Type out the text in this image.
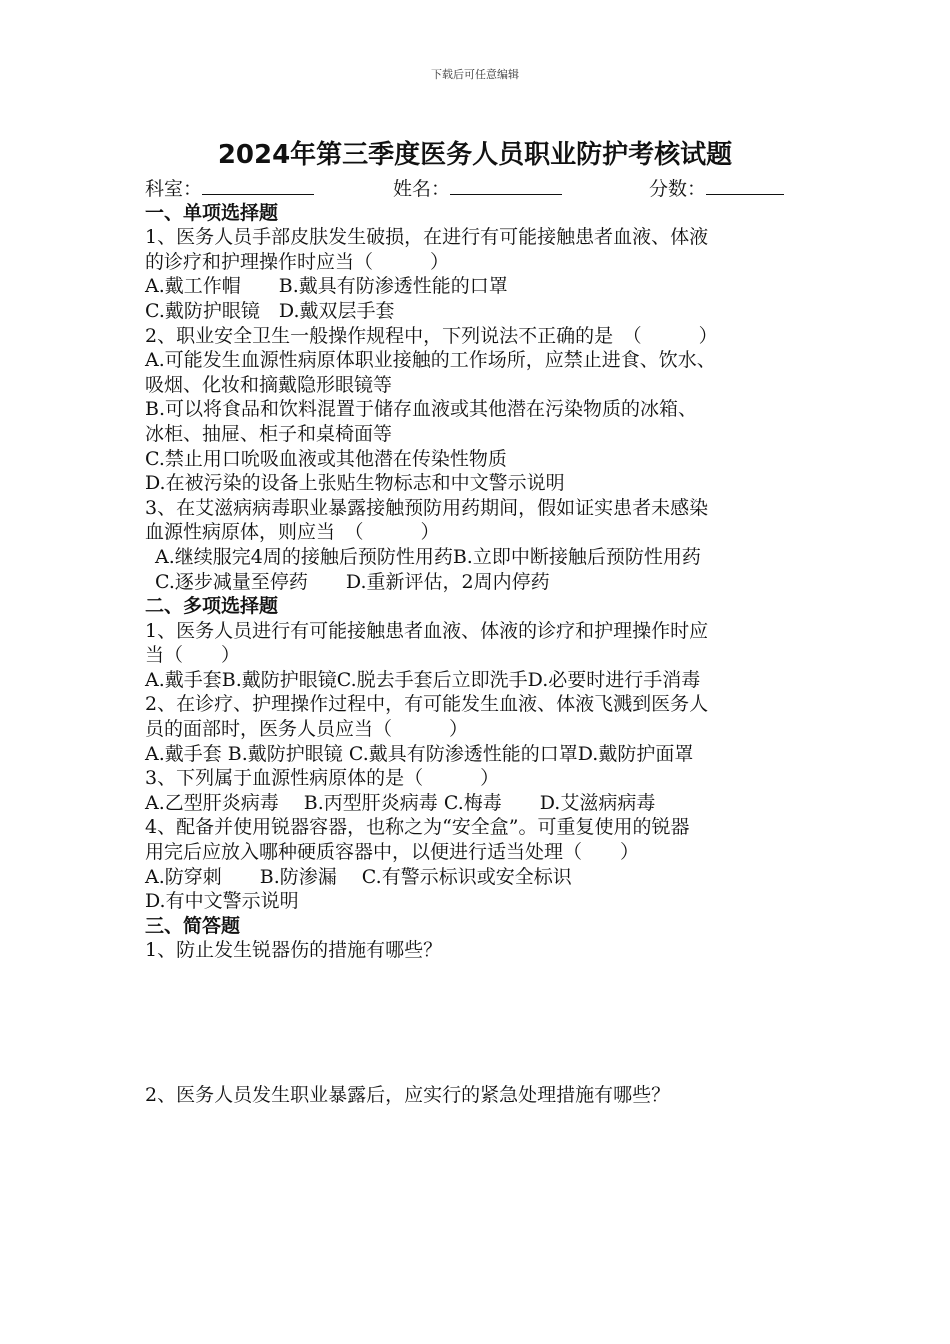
下载后可任意编辑
2024年第三季度医务人员职业防护考核试题
科室：	姓名：	分数：
一、单项选择题
1、医务人员手部皮肤发生破损，在进行有可能接触患者血液、体液
的诊疗和护理操作时应当（　　　）
A.戴工作帽　　B.戴具有防渗透性能的口罩
C.戴防护眼镜　D.戴双层手套
2、职业安全卫生一般操作规程中，下列说法不正确的是　（　　　）
A.可能发生血源性病原体职业接触的工作场所，应禁止进食、饮水、
吸烟、化妆和摘戴隐形眼镜等
B.可以将食品和饮料混置于储存血液或其他潜在污染物质的冰箱、
冰柜、抽屉、柜子和桌椅面等
C.禁止用口吮吸血液或其他潜在传染性物质
D.在被污染的设备上张贴生物标志和中文警示说明
3、在艾滋病病毒职业暴露接触预防用药期间，假如证实患者未感染
血源性病原体，则应当　（　　　）
A.继续服完4周的接触后预防性用药B.立即中断接触后预防性用药
C.逐步减量至停药　　D.重新评估，2周内停药
二、多项选择题
1、医务人员进行有可能接触患者血液、体液的诊疗和护理操作时应
当（　　）
A.戴手套B.戴防护眼镜C.脱去手套后立即洗手D.必要时进行手消毒
2、在诊疗、护理操作过程中，有可能发生血液、体液飞溅到医务人
员的面部时，医务人员应当（　　　）
A.戴手套 B.戴防护眼镜 C.戴具有防渗透性能的口罩D.戴防护面罩
3、下列属于血源性病原体的是（　　　）
A.乙型肝炎病毒　 B.丙型肝炎病毒 C.梅毒　　D.艾滋病病毒
4、配备并使用锐器容器，也称之为“安全盒”。可重复使用的锐器
用完后应放入哪种硬质容器中，以便进行适当处理（　　）
A.防穿刺　　B.防渗漏　 C.有警示标识或安全标识
D.有中文警示说明
三、简答题
1、防止发生锐器伤的措施有哪些？
2、医务人员发生职业暴露后，应实行的紧急处理措施有哪些？
